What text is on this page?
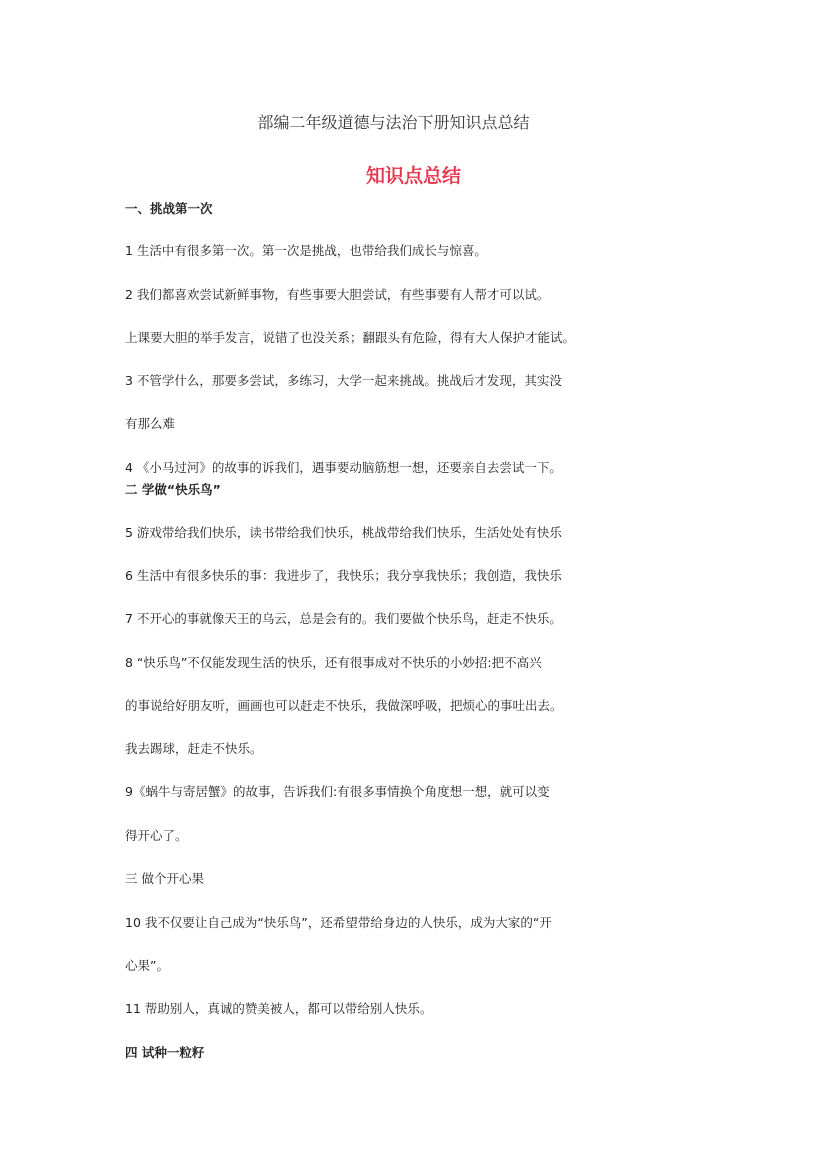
部编二年级道德与法治下册知识点总结
知识点总结
一、挑战第一次
1 生活中有很多第一次。第一次是挑战，也带给我们成长与惊喜。
2 我们都喜欢尝试新鲜事物，有些事要大胆尝试，有些事要有人帮才可以试。
上课要大胆的举手发言，说错了也没关系；翻跟头有危险，得有大人保护才能试。
3 不管学什么，那要多尝试，多练习，大学一起来挑战。挑战后才发现，其实没
有那么难
4 《小马过河》的故事的诉我们，遇事要动脑筋想一想，还要亲自去尝试一下。
二 学做“快乐鸟”
5 游戏带给我们快乐，读书带给我们快乐，桃战带给我们快乐，生活处处有快乐
6 生活中有很多快乐的事：我进步了，我快乐；我分享我快乐；我创造，我快乐
7 不开心的事就像天王的乌云，总是会有的。我们要做个快乐鸟，赶走不快乐。
8 “快乐鸟”不仅能发现生活的快乐，还有很事成对不快乐的小妙招:把不高兴
的事说给好朋友听，画画也可以赶走不快乐，我做深呼吸，把烦心的事吐出去。
我去踢球，赶走不快乐。
9《蜗牛与寄居蟹》的故事，告诉我们:有很多事情换个角度想一想，就可以变
得开心了。
三 做个开心果
10 我不仅要让自己成为“快乐鸟”，还希望带给身边的人快乐，成为大家的“开
心果”。
11 帮助别人，真诚的赞美被人，都可以带给别人快乐。
四 试种一粒籽
